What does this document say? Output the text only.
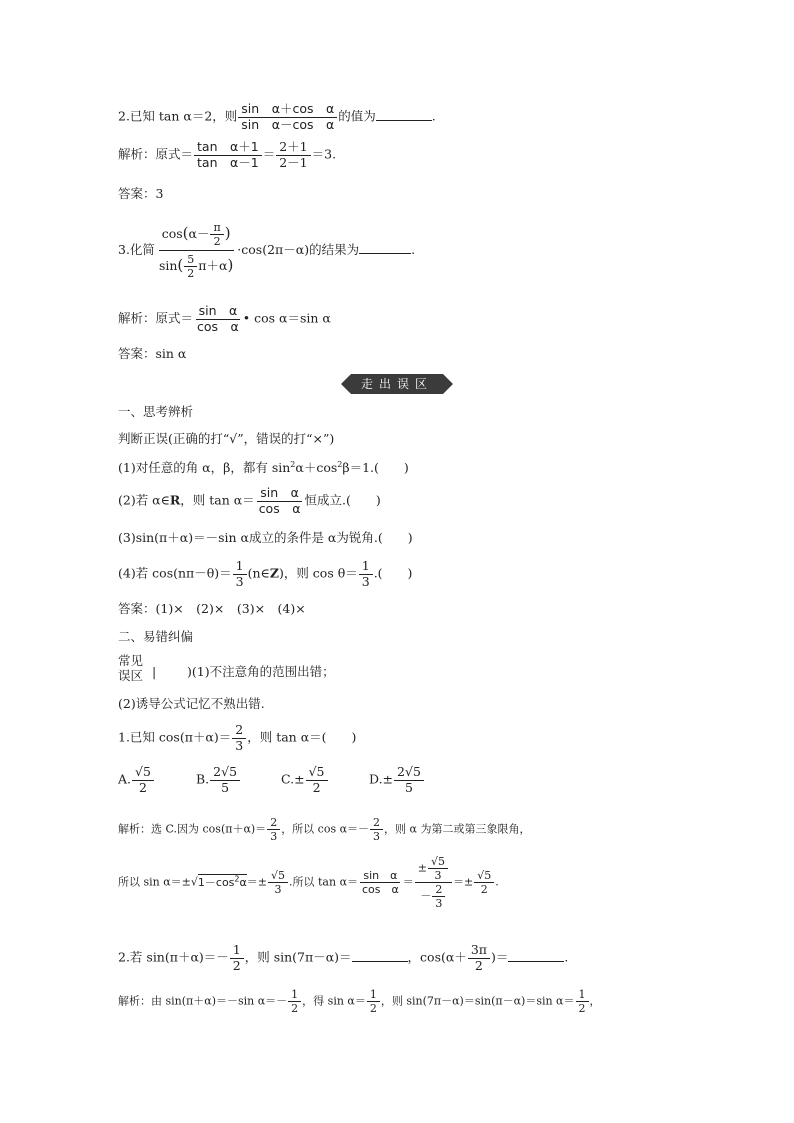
2.已知 tan α＝2，则 $\frac{\text{sin　α＋cos　α}}{\text{sin　α－cos　α}}$ 的值为	.
解析：原式＝ $\frac{\text{tan　α＋1}}{\text{tan　α－1}} = \frac{2+1}{2-1} =3$.
答案：3
3.化简 $\frac{\cos(\alpha- \frac{\pi}{2} )}{\sin( \frac{5}{2} \pi+\alpha)} \cdot\cos(2\pi-\alpha)$的结果为	.
解析：原式＝ $\frac{\text{sin　α}}{\text{cos　α}}$ • cos α＝sin α
答案：sin α
走出误区
一、思考辨析
判断正误(正确的打“√”，错误的打“×”)
(1)对任意的角 α，β，都有 $\sin^2\alpha+\cos^2\beta=1$.(　　)
(2)若 α∈R，则 $\tan \alpha= \frac{\text{sin　α}}{\text{cos　α}}$ 恒成立.(　　)
(3)sin(π＋α)＝－sin α成立的条件是 α为锐角.(　　)
(4)若 $\cos(n\pi-\theta)= \frac{1}{3}$ (n∈Z)，则 $\cos \theta= \frac{1}{3}$ .(　　)
答案：(1)×　(2)×　(3)×　(4)×
二、易错纠偏
常见
误区 | )(1)不注意角的范围出错；
(2)诱导公式记忆不熟出错.
1.已知 $\cos(\pi+\alpha)= \frac{2}{3}$ ，则 tan α＝(　　)
A. $\frac{√5}{2}$	B. $\frac{2√5}{5}$	$C.\pm \frac{√5}{2}$	$D.\pm \frac{2√5}{5}$
解析：选 C.因为 $\cos(\pi+\alpha)= \frac{2}{3}$ ，所以 $\cos \alpha=- \frac{2}{3}$ ，则 α 为第二或第三象限角，
所以 $\sin \alpha=\pm√1-\cos^2\alpha=\pm \frac{√5}{3}$ .所以 $\tan \alpha= \frac{\text{sin　α}}{\text{cos　α}} = \frac{\pm \frac{√5}{3}}{- \frac{2}{3}} =\pm \frac{√5}{2}$ .
2.若 $\sin(\pi+\alpha)=- \frac{1}{2}$ ，则 sin(7π－α)＝	，$\cos(\alpha+ \frac{3\pi}{2}$ )＝	.
解析：由 sin(π＋α)＝－sin $\alpha=- \frac{1}{2}$ ，得 $\sin \alpha= \frac{1}{2}$ ，则 sin(7π－α)＝sin(π－α)＝sin $\alpha= \frac{1}{2}$ ，
